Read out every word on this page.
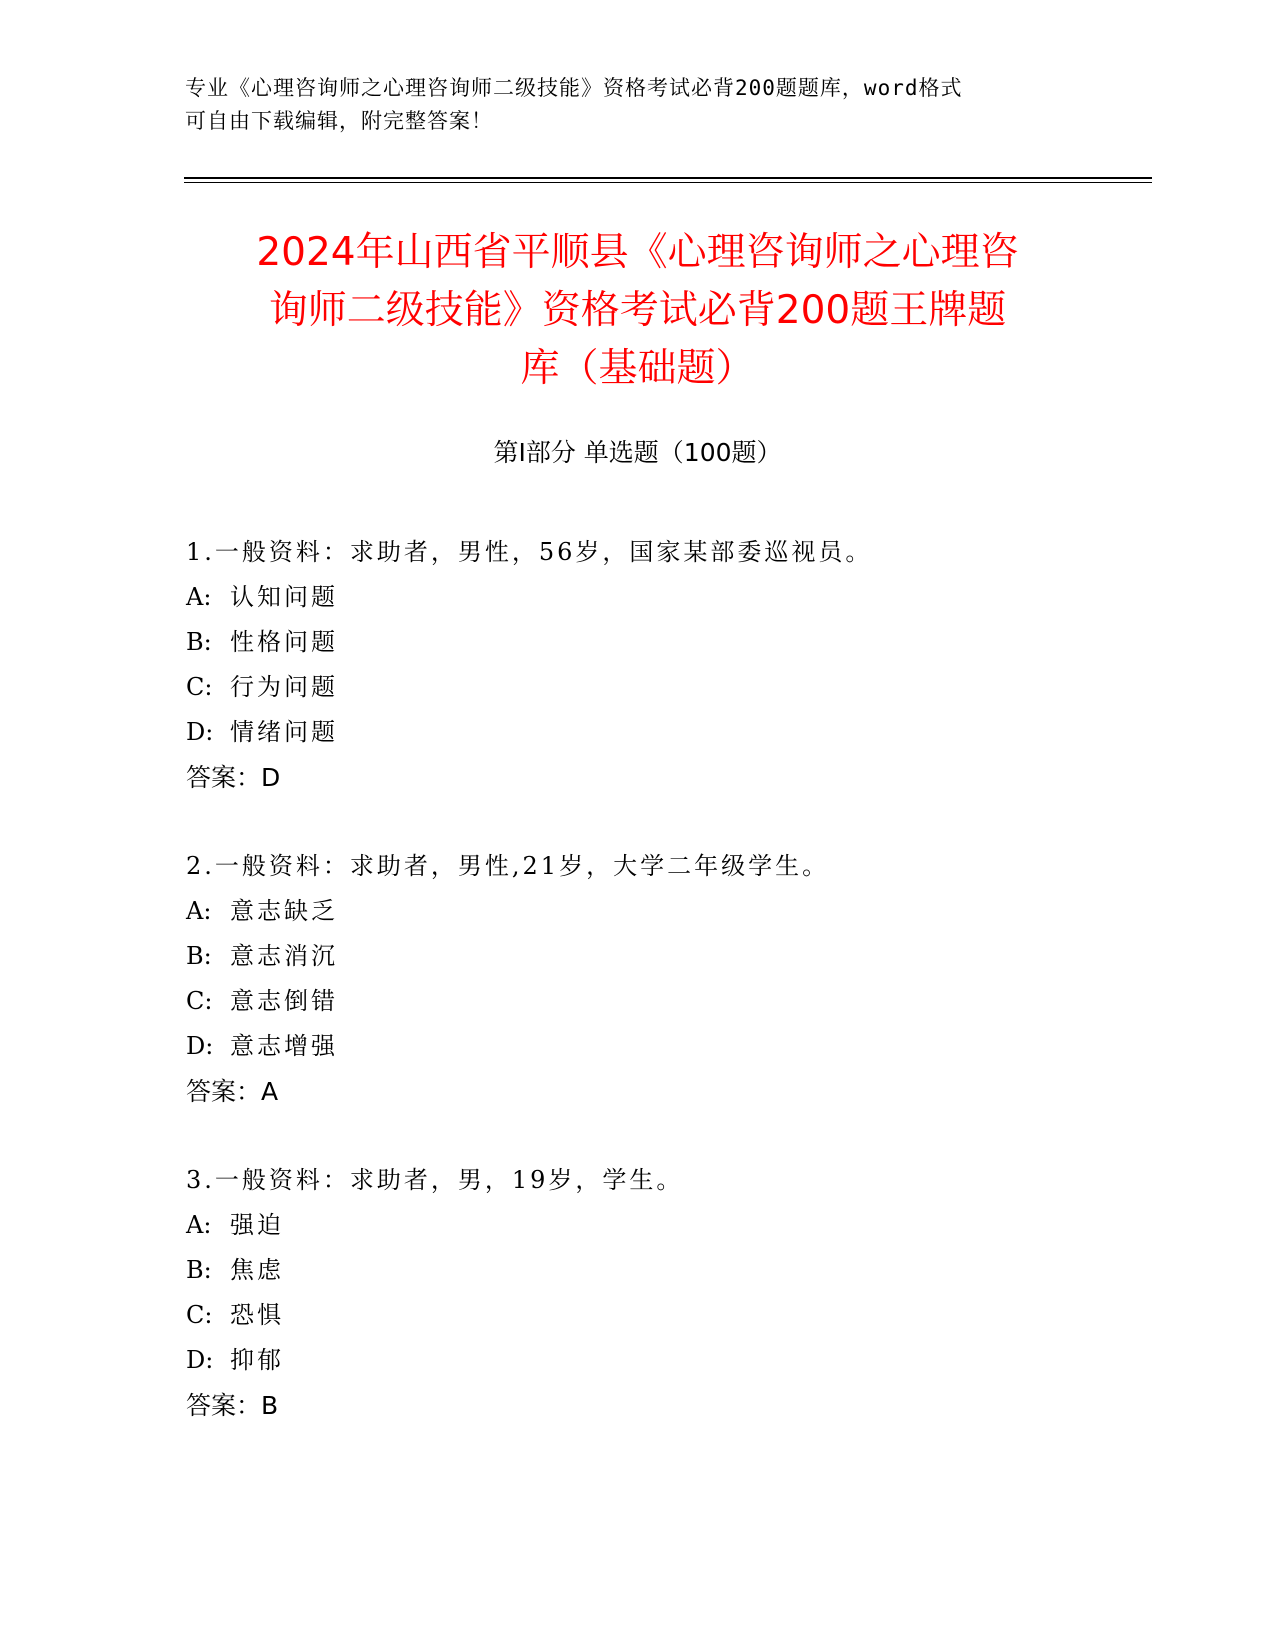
专业《心理咨询师之心理咨询师二级技能》资格考试必背200题题库，word格式
可自由下载编辑，附完整答案！
2024年山西省平顺县《心理咨询师之心理咨
询师二级技能》资格考试必背200题王牌题
库（基础题）
第Ⅰ部分 单选题（100题）
1.一般资料：求助者，男性，56岁，国家某部委巡视员。
A: 认知问题
B: 性格问题
C: 行为问题
D: 情绪问题
答案：D
2.一般资料：求助者，男性,21岁，大学二年级学生。
A: 意志缺乏
B: 意志消沉
C: 意志倒错
D: 意志增强
答案：A
3.一般资料：求助者，男，19岁，学生。
A: 强迫
B: 焦虑
C: 恐惧
D: 抑郁
答案：B
